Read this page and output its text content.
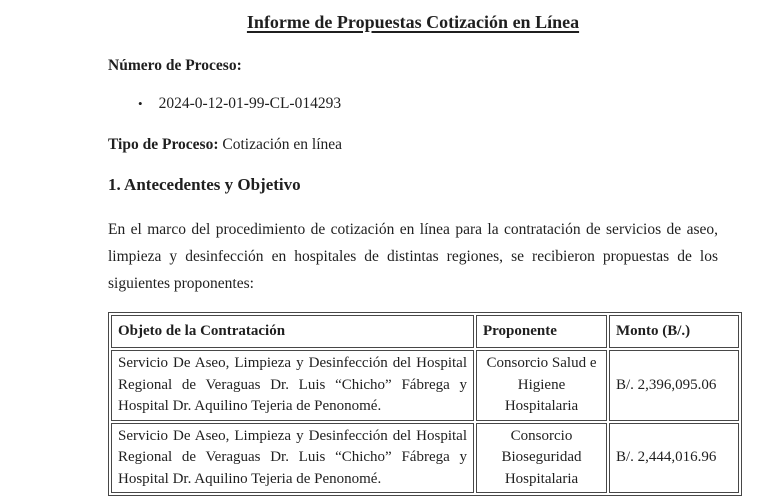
Informe de Propuestas Cotización en Línea

Número de Proceso:

• 2024-0-12-01-99-CL-014293

Tipo de Proceso: Cotización en línea

1. Antecedentes y Objetivo

En el marco del procedimiento de cotización en línea para la contratación de servicios de aseo, limpieza y desinfección en hospitales de distintas regiones, se recibieron propuestas de los siguientes proponentes:

Objeto de la Contratación	Proponente	Monto (B/.)
Servicio De Aseo, Limpieza y Desinfección del Hospital Regional de Veraguas Dr. Luis “Chicho” Fábrega y Hospital Dr. Aquilino Tejeria de Penonomé.	Consorcio Salud e Higiene Hospitalaria	B/. 2,396,095.06
Servicio De Aseo, Limpieza y Desinfección del Hospital Regional de Veraguas Dr. Luis “Chicho” Fábrega y Hospital Dr. Aquilino Tejeria de Penonomé.	Consorcio Bioseguridad Hospitalaria	B/. 2,444,016.96
